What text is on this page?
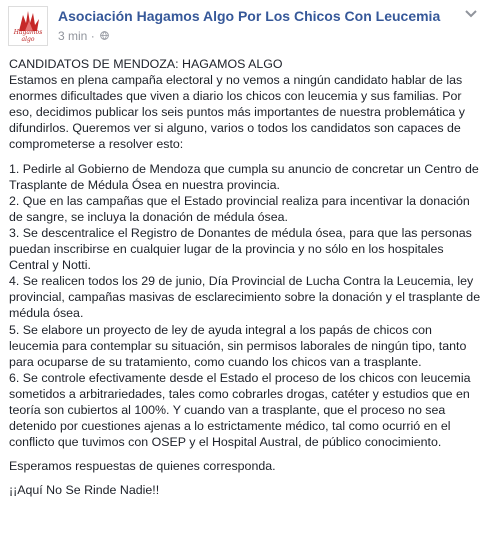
Hagamos algo
por los chicos con leucemia
Asociación Hagamos Algo Por Los Chicos Con Leucemia
3 min ·

CANDIDATOS DE MENDOZA: HAGAMOS ALGO

Estamos en plena campaña electoral y no vemos a ningún candidato hablar de las enormes dificultades que viven a diario los chicos con leucemia y sus familias. Por eso, decidimos publicar los seis puntos más importantes de nuestra problemática y difundirlos. Queremos ver si alguno, varios o todos los candidatos son capaces de comprometerse a resolver esto:

1. Pedirle al Gobierno de Mendoza que cumpla su anuncio de concretar un Centro de Trasplante de Médula Ósea en nuestra provincia.

2. Que en las campañas que el Estado provincial realiza para incentivar la donación de sangre, se incluya la donación de médula ósea.

3. Se descentralice el Registro de Donantes de médula ósea, para que las personas puedan inscribirse en cualquier lugar de la provincia y no sólo en los hospitales Central y Notti.

4. Se realicen todos los 29 de junio, Día Provincial de Lucha Contra la Leucemia, ley provincial, campañas masivas de esclarecimiento sobre la donación y el trasplante de médula ósea.

5. Se elabore un proyecto de ley de ayuda integral a los papás de chicos con leucemia para contemplar su situación, sin permisos laborales de ningún tipo, tanto para ocuparse de su tratamiento, como cuando los chicos van a trasplante.

6. Se controle efectivamente desde el Estado el proceso de los chicos con leucemia sometidos a arbitrariedades, tales como cobrarles drogas, catéter y estudios que en teoría son cubiertos al 100%. Y cuando van a trasplante, que el proceso no sea detenido por cuestiones ajenas a lo estrictamente médico, tal como ocurrió en el conflicto que tuvimos con OSEP y el Hospital Austral, de público conocimiento.

Esperamos respuestas de quienes corresponda.

¡¡Aquí No Se Rinde Nadie!!
